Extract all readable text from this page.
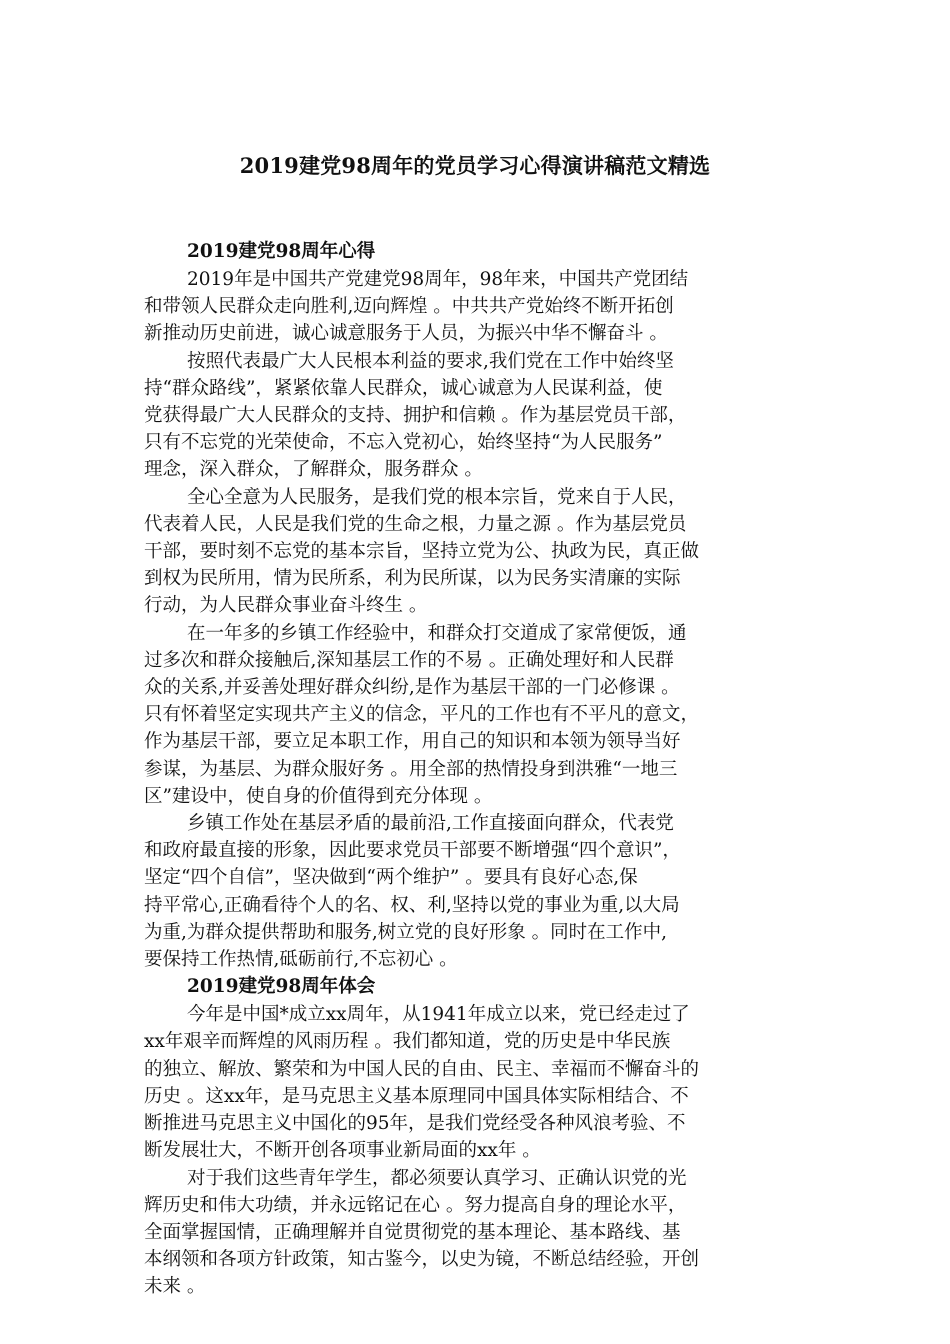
2019建党98周年的党员学习心得演讲稿范文精选
2019建党98周年心得

2019年是中国共产党建党98周年，98年来，中国共产党团结
和带领人民群众走向胜利,迈向辉煌 。中共共产党始终不断开拓创
新推动历史前进，诚心诚意服务于人员，为振兴中华不懈奋斗 。

按照代表最广大人民根本利益的要求,我们党在工作中始终坚
持“群众路线”，紧紧依靠人民群众，诚心诚意为人民谋利益，使
党获得最广大人民群众的支持、拥护和信赖 。作为基层党员干部，
只有不忘党的光荣使命，不忘入党初心，始终坚持“为人民服务”
理念，深入群众，了解群众，服务群众 。

全心全意为人民服务，是我们党的根本宗旨，党来自于人民，
代表着人民，人民是我们党的生命之根，力量之源 。作为基层党员
干部，要时刻不忘党的基本宗旨，坚持立党为公、执政为民，真正做
到权为民所用，情为民所系，利为民所谋，以为民务实清廉的实际
行动，为人民群众事业奋斗终生 。

在一年多的乡镇工作经验中，和群众打交道成了家常便饭，通
过多次和群众接触后,深知基层工作的不易 。正确处理好和人民群
众的关系,并妥善处理好群众纠纷,是作为基层干部的一门必修课 。
只有怀着坚定实现共产主义的信念，平凡的工作也有不平凡的意文，
作为基层干部，要立足本职工作，用自己的知识和本领为领导当好
参谋，为基层、为群众服好务 。用全部的热情投身到洪雅“一地三
区”建设中，使自身的价值得到充分体现 。

乡镇工作处在基层矛盾的最前沿,工作直接面向群众，代表党
和政府最直接的形象，因此要求党员干部要不断增强“四个意识”，
坚定“四个自信”，坚决做到“两个维护” 。要具有良好心态,保
持平常心,正确看待个人的名、权、利,坚持以党的事业为重,以大局
为重,为群众提供帮助和服务,树立党的良好形象 。同时在工作中,
要保持工作热情,砥砺前行,不忘初心 。

2019建党98周年体会

今年是中国*成立xx周年，从1941年成立以来，党已经走过了
xx年艰辛而辉煌的风雨历程 。我们都知道，党的历史是中华民族
的独立、解放、繁荣和为中国人民的自由、民主、幸福而不懈奋斗的
历史 。这xx年，是马克思主义基本原理同中国具体实际相结合、不
断推进马克思主义中国化的95年，是我们党经受各种风浪考验、不
断发展壮大，不断开创各项事业新局面的xx年 。

对于我们这些青年学生，都必须要认真学习、正确认识党的光
辉历史和伟大功绩，并永远铭记在心 。努力提高自身的理论水平，
全面掌握国情，正确理解并自觉贯彻党的基本理论、基本路线、基
本纲领和各项方针政策，知古鉴今，以史为镜，不断总结经验，开创
未来 。
